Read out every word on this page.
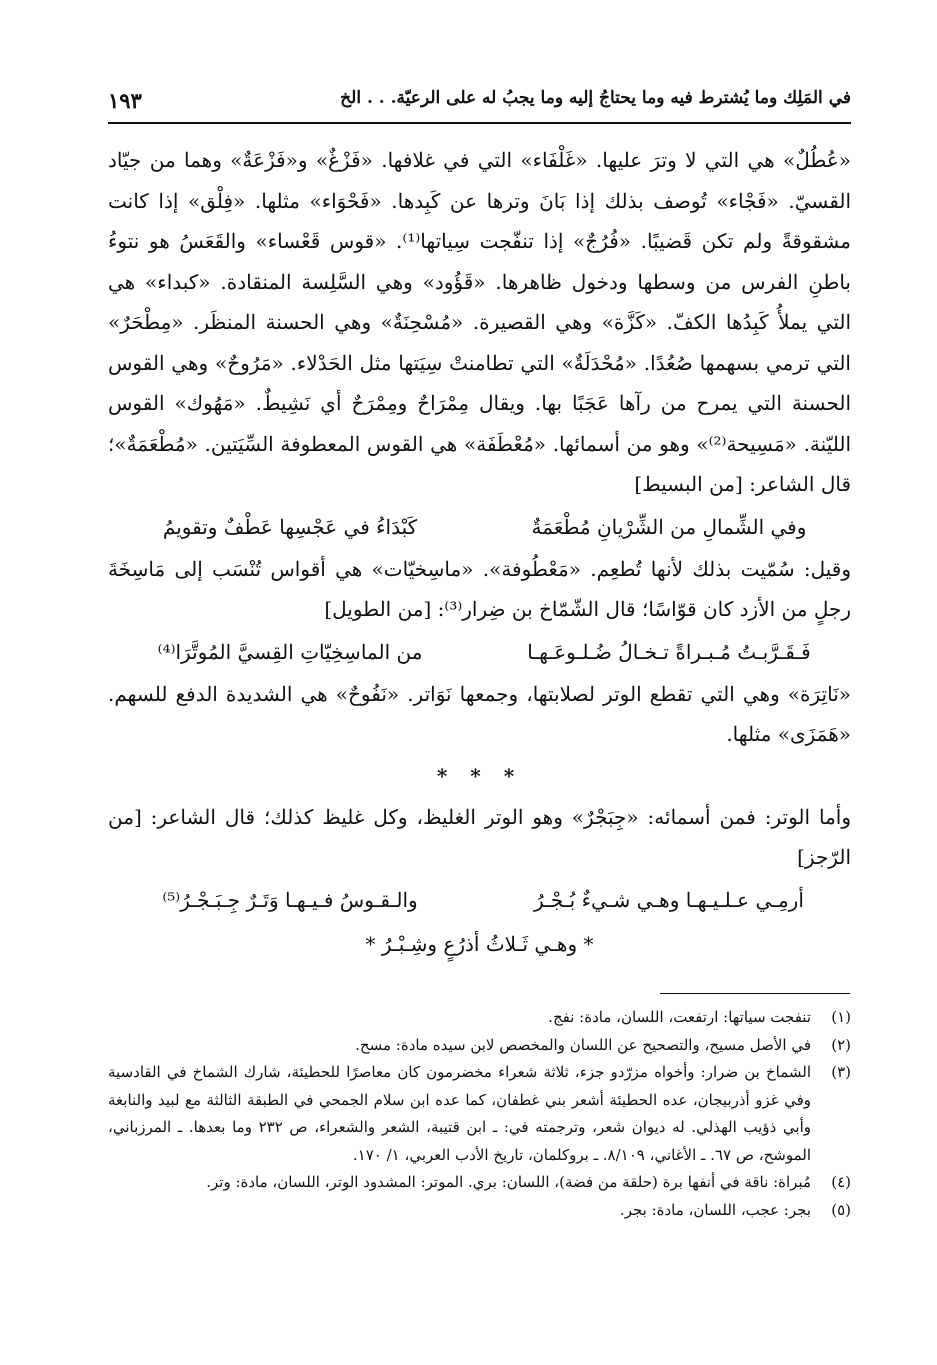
في المَلِك وما يُشترط فيه وما يحتاجُ إليه وما يجبُ له على الرعيّة. . . الخ
١٩٣

«عُطُلٌ» هي التي لا وترَ عليها. «غَلْفَاء» التي في غلافها. «فَزْغٌ» و«فَزْعَةٌ» وهما من جيّاد القسيّ. «فَجْاء» تُوصف بذلك إذا بَانَ وترها عن كَبِدها. «فَحْوَاء» مثلها. «فِلْق» إذا كانت مشقوقةً ولم تكن قَضيبًا. «فُرُجٌ» إذا تنفّجت سِياتها⁽¹⁾. «قوس قَعْساء» والقَعَسُ هو نتوءُ باطنِ الفرس من وسطها ودخول ظاهرها. «قَؤُود» وهي السَّلِسة المنقادة. «كبداء» هي التي يملأُ كَبِدُها الكفّ. «كَزَّة» وهي القصيرة. «مُسْحِنَةٌ» وهي الحسنة المنظَر. «مِطْحَرٌ» التي ترمي بسهمها صُعُدًا. «مُحْدَلَةٌ» التي تطامنتْ سِيَتها مثل الحَدْلاء. «مَرُوحٌ» وهي القوس الحسنة التي يمرح من رآها عَجَبًا بها. ويقال مِمْرَاحٌ ومِمْرَحٌ أي نَشِيطٌ. «مَهُوك» القوس الليّنة. «مَسِيحة⁽²⁾» وهو من أسمائها. «مُعْطَفَة» هي القوس المعطوفة السِّيَتين. «مُطْعَمَةٌ»؛ قال الشاعر: [من البسيط]

وفي الشِّمالِ من الشِّرْيانِ مُطْعَمَةٌ
كَبْدَاءُ في عَجْسِها عَطْفٌ وتقويمُ

وقيل: سُمّيت بذلك لأنها تُطعِم. «مَعْطُوفة». «ماسِخيّات» هي أقواس تُنْسَب إلى مَاسِخَةَ رجلٍ من الأزد كان قوّاسًا؛ قال الشّمّاخ بن ضِرار⁽³⁾: [من الطويل]

فَـقَـرَّبـتُ مُـبـراةً تـخـالُ ضُـلـوعَـهـا
من الماسِخِيّاتِ القِسيَّ المُوتَّرَا⁽⁴⁾

«نَاتِرَة» وهي التي تقطع الوتر لصلابتها، وجمعها نَوَاتر. «نَفُوحٌ» هي الشديدة الدفع للسهم. «هَمَزَى» مثلها.

* * *

وأما الوتر: فمن أسمائه: «جِبَجْرٌ» وهو الوتر الغليظ، وكل غليظ كذلك؛ قال الشاعر: [من الرّجز]

أرمِـي عـلـيـهـا وهـي شـيءٌ بُـجْـرُ
والـقـوسُ فـيـهـا وَتَـرٌ جِـبَـجْـرُ⁽⁵⁾
* وهـي ثَـلاثُ أذرُعٍ وشِـبْـرُ *
(١)
تنفجت سياتها: ارتفعت، اللسان، مادة: نفج.
(٢)
في الأصل مسيح، والتصحيح عن اللسان والمخصص لابن سيده مادة: مسح.
(٣)
الشماخ بن ضرار: وأخواه مزرّدو جزء، ثلاثة شعراء مخضرمون كان معاصرًا للحطيئة، شارك الشماخ في القادسية وفي غزو أذربيجان، عده الحطيئة أشعر بني غطفان، كما عده ابن سلام الجمحي في الطبقة الثالثة مع لبيد والنابغة وأبي ذؤيب الهذلي. له ديوان شعر، وترجمته في: ـ ابن قتيبة، الشعر والشعراء، ص ٢٣٢ وما بعدها. ـ المرزباني، الموشح، ص ٦٧. ـ الأغاني، ٨/١٠٩. ـ بروكلمان، تاريخ الأدب العربي، ١/ ١٧٠.
(٤)
مُبراة: ناقة في أنفها برة (حلقة من فضة)، اللسان: بري. الموتر: المشدود الوتر، اللسان، مادة: وتر.
(٥)
بجر: عجب، اللسان، مادة: بجر.
